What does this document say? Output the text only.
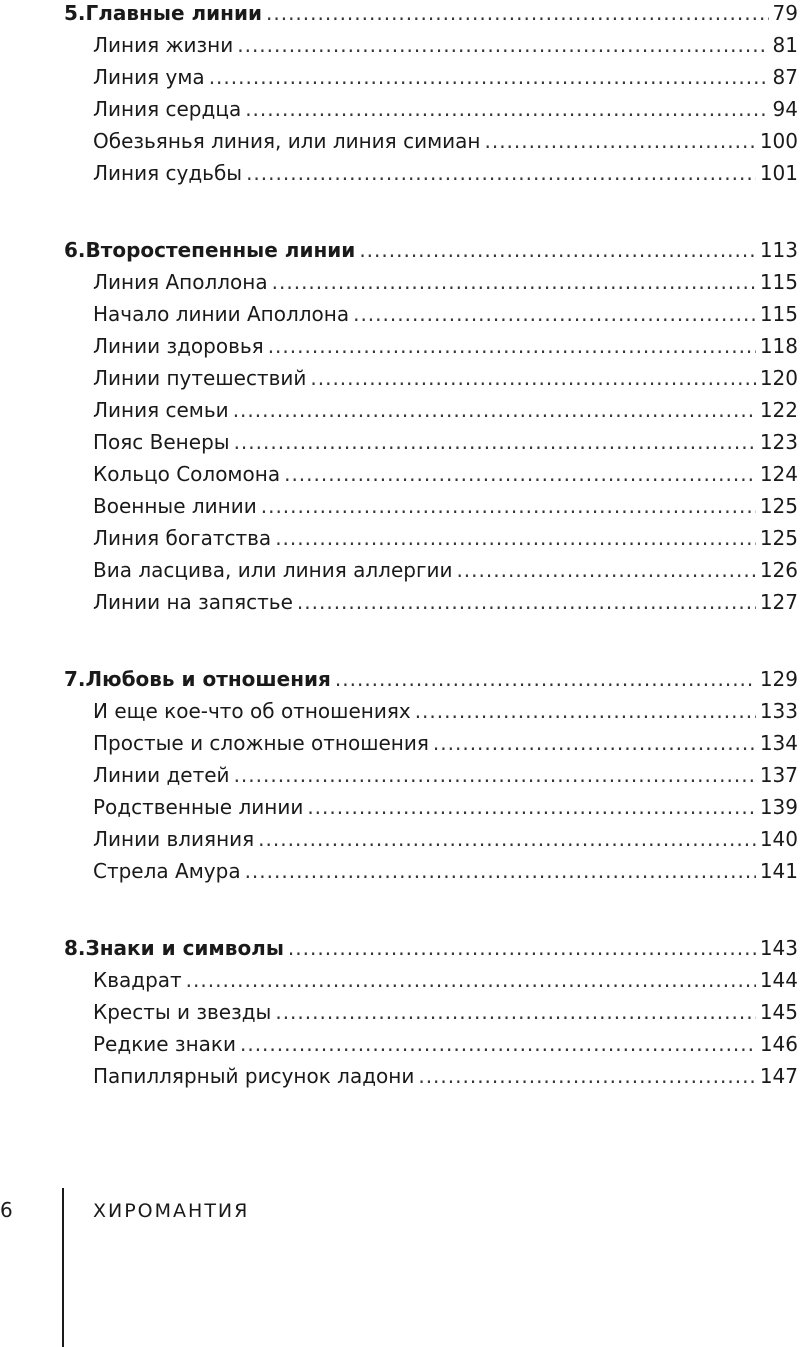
5. Главные линии .....	79
Линия жизни .....	81
Линия ума .....	87
Линия сердца .....	94
Обезьянья линия, или линия симиан .....	100
Линия судьбы .....	101
6. Второстепенные линии .....	113
Линия Аполлона .....	115
Начало линии Аполлона .....	115
Линии здоровья .....	118
Линии путешествий .....	120
Линия семьи .....	122
Пояс Венеры .....	123
Кольцо Соломона .....	124
Военные линии .....	125
Линия богатства .....	125
Виа ласцива, или линия аллергии .....	126
Линии на запястье .....	127
7. Любовь и отношения .....	129
И еще кое-что об отношениях .....	133
Простые и сложные отношения .....	134
Линии детей .....	137
Родственные линии .....	139
Линии влияния .....	140
Стрела Амура .....	141
8. Знаки и символы .....	143
Квадрат .....	144
Кресты и звезды .....	145
Редкие знаки .....	146
Папиллярный рисунок ладони .....	147
6	ХИРОМАНТИЯ
